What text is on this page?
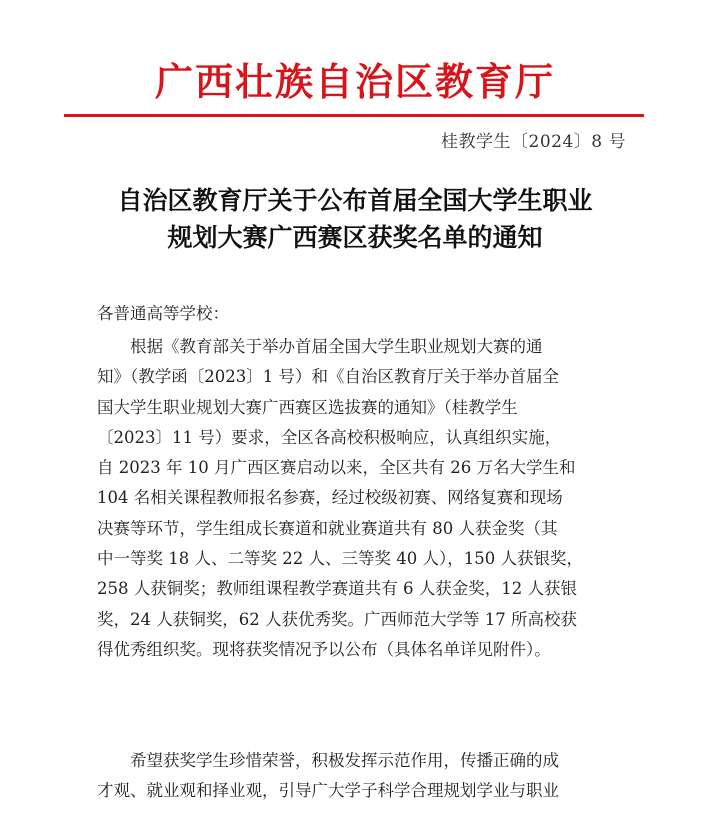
广西壮族自治区教育厅
桂教学生〔2024〕8 号
自治区教育厅关于公布首届全国大学生职业
规划大赛广西赛区获奖名单的通知
各普通高等学校：
根据《教育部关于举办首届全国大学生职业规划大赛的通
知》（教学函〔2023〕1 号）和《自治区教育厅关于举办首届全
国大学生职业规划大赛广西赛区选拔赛的通知》（桂教学生
〔2023〕11 号）要求，全区各高校积极响应，认真组织实施，
自 2023 年 10 月广西区赛启动以来，全区共有 26 万名大学生和
104 名相关课程教师报名参赛，经过校级初赛、网络复赛和现场
决赛等环节，学生组成长赛道和就业赛道共有 80 人获金奖（其
中一等奖 18 人、二等奖 22 人、三等奖 40 人），150 人获银奖，
258 人获铜奖；教师组课程教学赛道共有 6 人获金奖，12 人获银
奖，24 人获铜奖，62 人获优秀奖。广西师范大学等 17 所高校获
得优秀组织奖。现将获奖情况予以公布（具体名单详见附件）。
希望获奖学生珍惜荣誉，积极发挥示范作用，传播正确的成
才观、就业观和择业观，引导广大学子科学合理规划学业与职业
